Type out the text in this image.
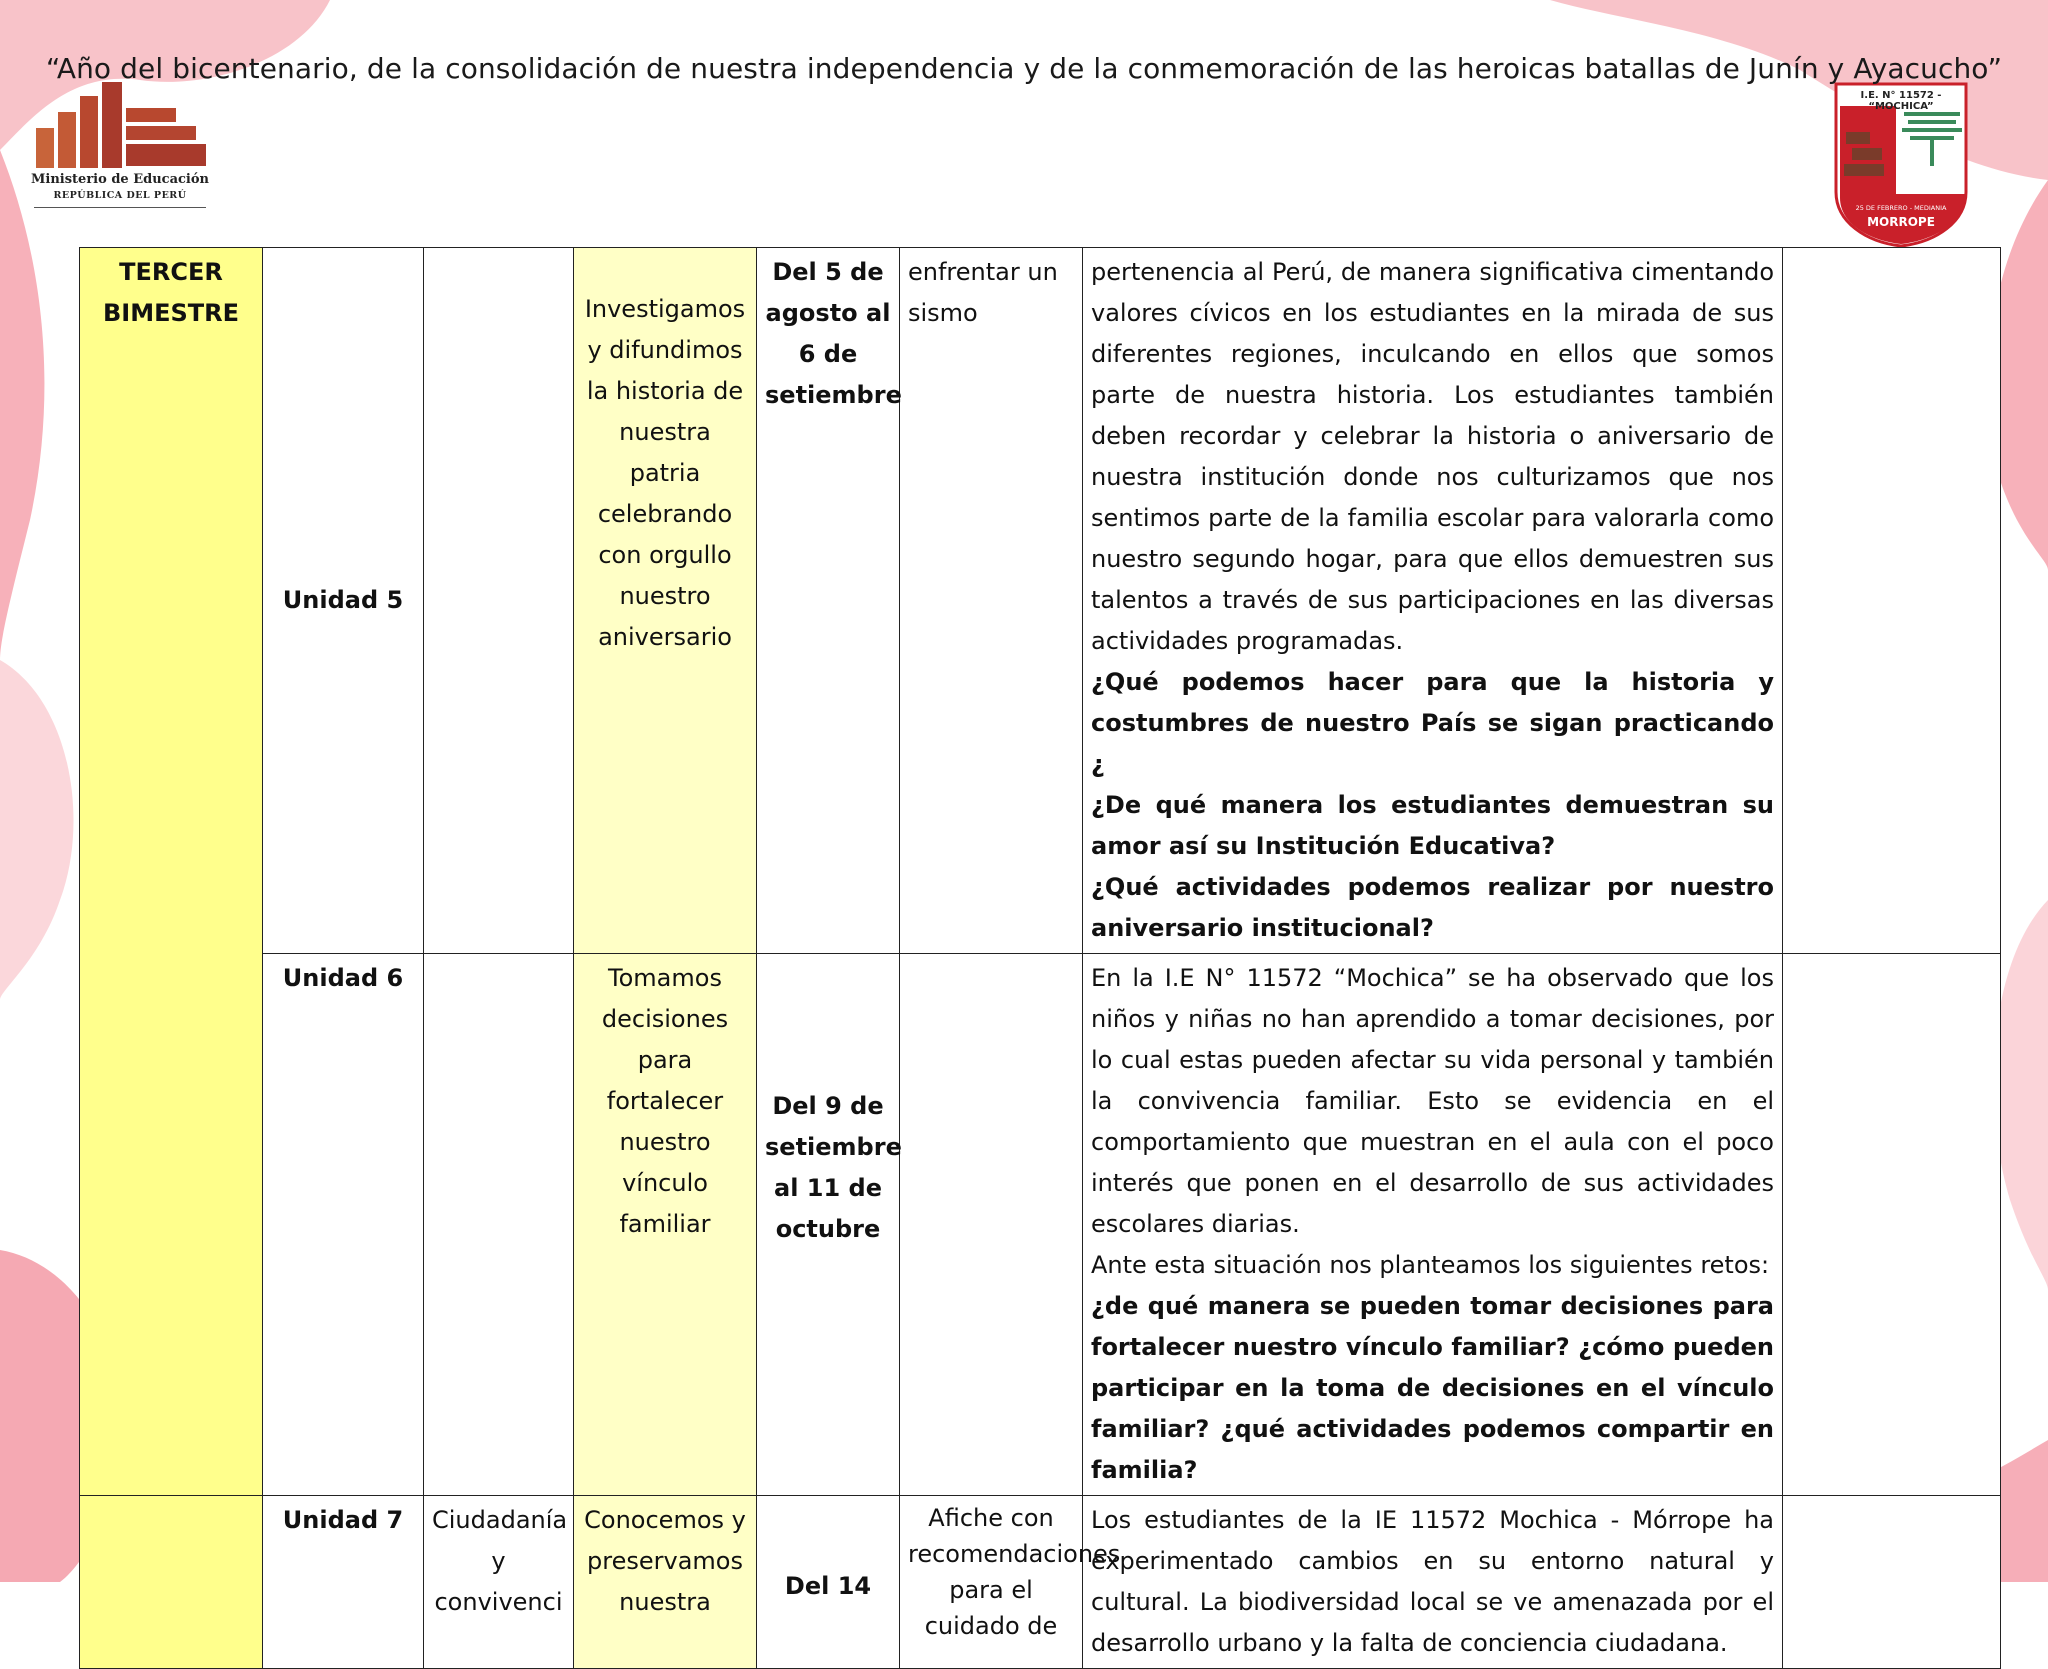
“Año del bicentenario, de la consolidación de nuestra independencia y de la conmemoración de las heroicas batallas de Junín y Ayacucho”
Ministerio de Educación
REPÚBLICA DEL PERÚ
I.E. N° 11572 - “MOCHICA”
25 DE FEBRERO - MEDIANIA
MORROPE
TERCER BIMESTRE	Unidad 5		Investigamos y difundimos la historia de nuestra patria celebrando con orgullo nuestro aniversario	Del 5 de agosto al 6 de setiembre	enfrentar un sismo	pertenencia al Perú, de manera significativa cimentando valores cívicos en los estudiantes en la mirada de sus diferentes regiones, inculcando en ellos que somos parte de nuestra historia. Los estudiantes también deben recordar y celebrar la historia o aniversario de nuestra institución donde nos culturizamos que nos sentimos parte de la familia escolar para valorarla como nuestro segundo hogar, para que ellos demuestren sus talentos a través de sus participaciones en las diversas actividades programadas.

¿Qué podemos hacer para que la historia y costumbres de nuestro País se sigan practicando ¿

¿De qué manera los estudiantes demuestran su amor así su Institución Educativa?

¿Qué actividades podemos realizar por nuestro aniversario institucional?	

	Unidad 6		Tomamos decisiones para fortalecer nuestro vínculo familiar	Del 9 de setiembre al 11 de octubre		En la I.E N° 11572 “Mochica” se ha observado que los niños y niñas no han aprendido a tomar decisiones, por lo cual estas pueden afectar su vida personal y también la convivencia familiar. Esto se evidencia en el comportamiento que muestran en el aula con el poco interés que ponen en el desarrollo de sus actividades escolares diarias.

Ante esta situación nos planteamos los siguientes retos:

¿de qué manera se pueden tomar decisiones para fortalecer nuestro vínculo familiar? ¿cómo pueden participar en la toma de decisiones en el vínculo familiar? ¿qué actividades podemos compartir en familia?	

	Unidad 7	Ciudadanía y convivenci	Conocemos y preservamos nuestra	Del 14	Afiche con recomendaciones para el cuidado de	Los estudiantes de la IE 11572 Mochica - Mórrope ha experimentado cambios en su entorno natural y cultural. La biodiversidad local se ve amenazada por el desarrollo urbano y la falta de conciencia ciudadana.	
